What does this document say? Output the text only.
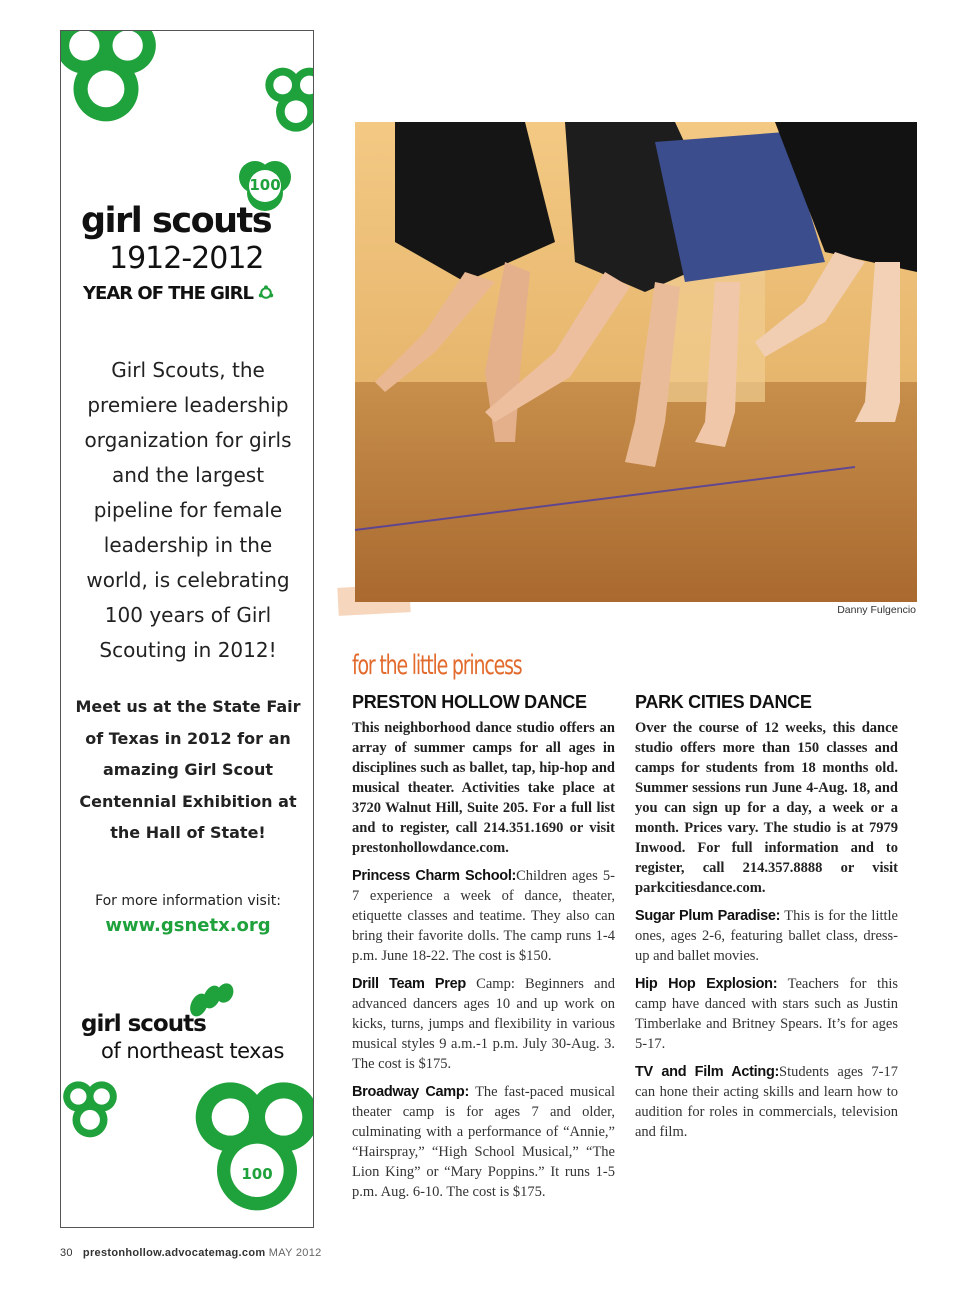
100
girl scouts
1912-2012
YEAR OF THE GIRL
Girl Scouts, the premiere leadership organization for girls and the largest pipeline for female leadership in the world, is celebrating 100 years of Girl Scouting in 2012!
Meet us at the State Fair of Texas in 2012 for an amazing Girl Scout Centennial Exhibition at the Hall of State!
For more information visit:
www.gsnetx.org
girl scouts
of northeast texas
100
Danny Fulgencio
for the little princess
PRESTON HOLLOW DANCE

This neighborhood dance studio offers an array of summer camps for all ages in disciplines such as ballet, tap, hip-hop and musical theater. Activities take place at 3720 Walnut Hill, Suite 205. For a full list and to register, call 214.351.1690 or visit prestonhollowdance.com.

Princess Charm School:Children ages 5-7 experience a week of dance, theater, etiquette classes and teatime. They also can bring their favorite dolls. The camp runs 1-4 p.m. June 18-22. The cost is $150.

Drill Team Prep Camp: Beginners and advanced dancers ages 10 and up work on kicks, turns, jumps and flexibility in various musical styles 9 a.m.-1 p.m. July 30-Aug. 3. The cost is $175.

Broadway Camp: The fast-paced musical theater camp is for ages 7 and older, culminating with a performance of “Annie,” “Hairspray,” “High School Musical,” “The Lion King” or “Mary Poppins.” It runs 1-5 p.m. Aug. 6-10. The cost is $175.

PARK CITIES DANCE

Over the course of 12 weeks, this dance studio offers more than 150 classes and camps for students from 18 months old. Summer sessions run June 4-Aug. 18, and you can sign up for a day, a week or a month. Prices vary. The studio is at 7979 Inwood. For full information and to register, call 214.357.8888 or visit parkcitiesdance.com.

Sugar Plum Paradise: This is for the little ones, ages 2-6, featuring ballet class, dress-up and ballet movies.

Hip Hop Explosion: Teachers for this camp have danced with stars such as Justin Timberlake and Britney Spears. It’s for ages 5-17.

TV and Film Acting:Students ages 7-17 can hone their acting skills and learn how to audition for roles in commercials, television and film.

30 prestonhollow.advocatemag.com MAY 2012
